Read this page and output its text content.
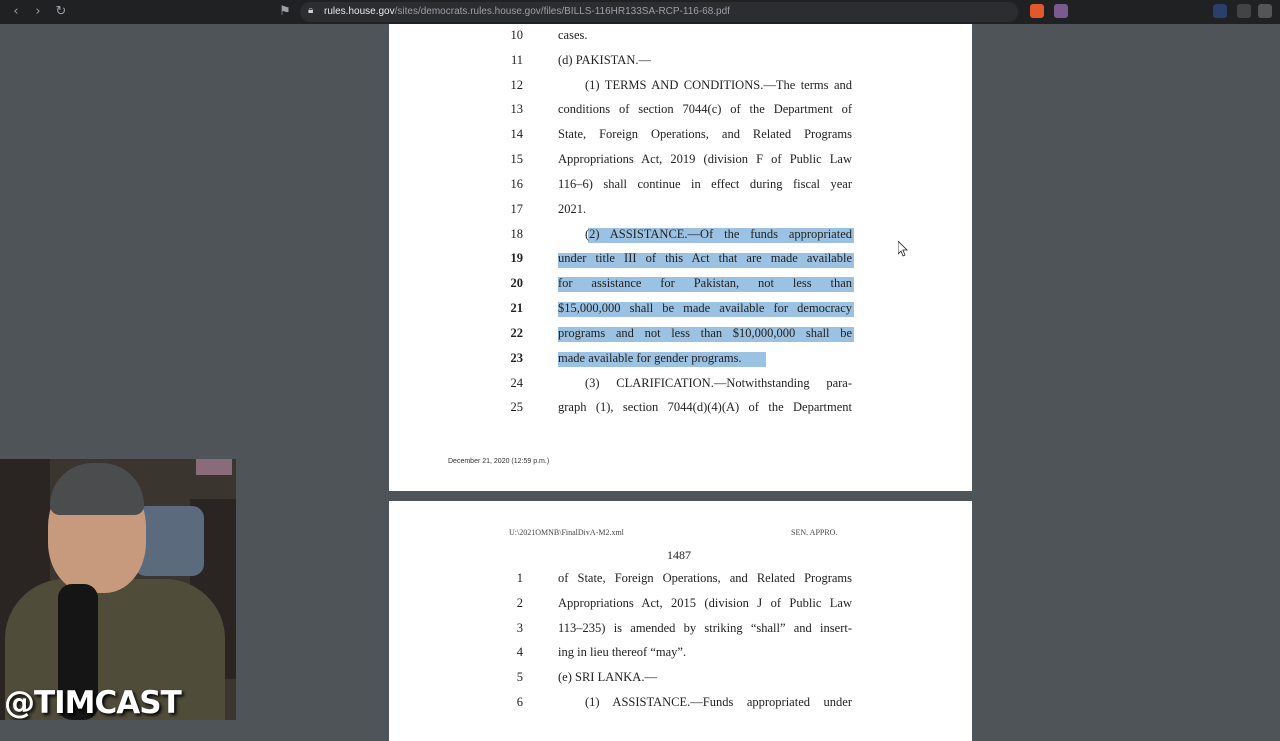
‹	›	↻	⚑ 🔒︎ rules.house.gov/sites/democrats.rules.house.gov/files/BILLS-116HR133SA-RCP-116-68.pdf
10	cases.
11	(d) PAKISTAN.—
12	(1) TERMS AND CONDITIONS.—The terms and
13	conditions of section 7044(c) of the Department of
14	State, Foreign Operations, and Related Programs
15	Appropriations Act, 2019 (division F of Public Law
16	116–6) shall continue in effect during fiscal year
17	2021.
18	(2) ASSISTANCE.—Of the funds appropriated
19	under title III of this Act that are made available
20	for assistance for Pakistan, not less than
21	$15,000,000 shall be made available for democracy
22	programs and not less than $10,000,000 shall be
23	made available for gender programs.
24	(3) CLARIFICATION.—Notwithstanding para-
25	graph (1), section 7044(d)(4)(A) of the Department
December 21, 2020 (12:59 p.m.)
U:\2021OMNB\FinalDivA-M2.xml	SEN. APPRO.
1487
1	of State, Foreign Operations, and Related Programs
2	Appropriations Act, 2015 (division J of Public Law
3	113–235) is amended by striking “shall” and insert-
4	ing in lieu thereof “may”.
5	(e) SRI LANKA.—
6	(1) ASSISTANCE.—Funds appropriated under
@TIMCAST
